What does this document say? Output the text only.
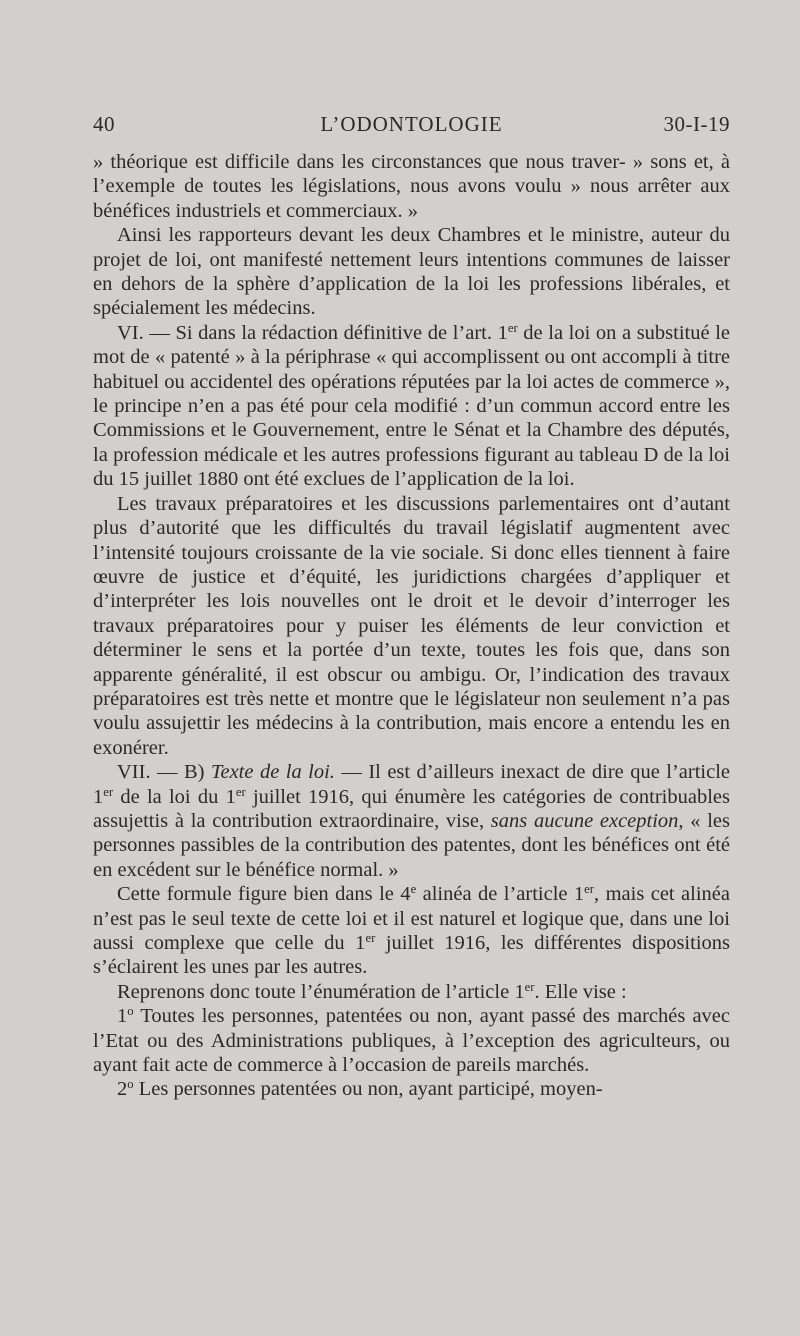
40	L’ODONTOLOGIE	30-I-19

» théorique est difficile dans les circonstances que nous traver- » sons et, à l’exemple de toutes les législations, nous avons voulu » nous arrêter aux bénéfices industriels et commerciaux. »

Ainsi les rapporteurs devant les deux Chambres et le ministre, auteur du projet de loi, ont manifesté nettement leurs intentions communes de laisser en dehors de la sphère d’application de la loi les professions libérales, et spécialement les médecins.

VI. — Si dans la rédaction définitive de l’art. 1er de la loi on a substitué le mot de « patenté » à la périphrase « qui accomplissent ou ont accompli à titre habituel ou accidentel des opérations réputées par la loi actes de commerce », le principe n’en a pas été pour cela modifié : d’un commun accord entre les Commissions et le Gouvernement, entre le Sénat et la Chambre des députés, la profession médicale et les autres professions figurant au tableau D de la loi du 15 juillet 1880 ont été exclues de l’application de la loi.

Les travaux préparatoires et les discussions parlementaires ont d’autant plus d’autorité que les difficultés du travail législatif augmentent avec l’intensité toujours croissante de la vie sociale. Si donc elles tiennent à faire œuvre de justice et d’équité, les juridictions chargées d’appliquer et d’interpréter les lois nouvelles ont le droit et le devoir d’interroger les travaux préparatoires pour y puiser les éléments de leur conviction et déterminer le sens et la portée d’un texte, toutes les fois que, dans son apparente généralité, il est obscur ou ambigu. Or, l’indication des travaux préparatoires est très nette et montre que le législateur non seulement n’a pas voulu assujettir les médecins à la contribution, mais encore a entendu les en exonérer.

VII. — B) Texte de la loi. — Il est d’ailleurs inexact de dire que l’article 1er de la loi du 1er juillet 1916, qui énumère les catégories de contribuables assujettis à la contribution extraordinaire, vise, sans aucune exception, « les personnes passibles de la contribution des patentes, dont les bénéfices ont été en excédent sur le bénéfice normal. »

Cette formule figure bien dans le 4e alinéa de l’article 1er, mais cet alinéa n’est pas le seul texte de cette loi et il est naturel et logique que, dans une loi aussi complexe que celle du 1er juillet 1916, les différentes dispositions s’éclairent les unes par les autres.

Reprenons donc toute l’énumération de l’article 1er. Elle vise :

1$^o$ Toutes les personnes, patentées ou non, ayant passé des marchés avec l’Etat ou des Administrations publiques, à l’exception des agriculteurs, ou ayant fait acte de commerce à l’occasion de pareils marchés.

2$^o$ Les personnes patentées ou non, ayant participé, moyen-
